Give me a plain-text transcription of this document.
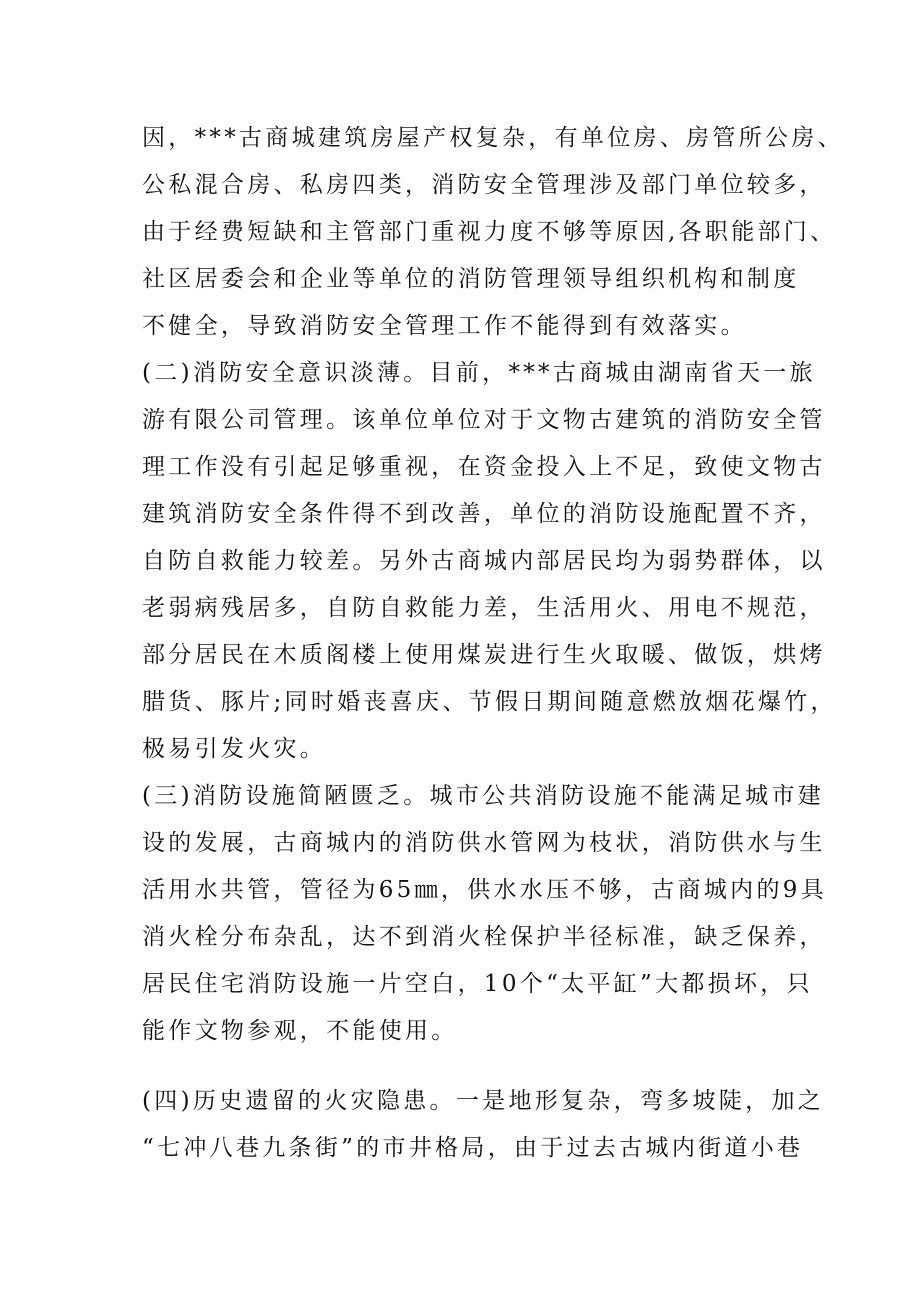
因，***古商城建筑房屋产权复杂，有单位房、房管所公房、
公私混合房、私房四类，消防安全管理涉及部门单位较多，
由于经费短缺和主管部门重视力度不够等原因,各职能部门、
社区居委会和企业等单位的消防管理领导组织机构和制度
不健全，导致消防安全管理工作不能得到有效落实。
(二)消防安全意识淡薄。目前，***古商城由湖南省天一旅
游有限公司管理。该单位单位对于文物古建筑的消防安全管
理工作没有引起足够重视，在资金投入上不足，致使文物古
建筑消防安全条件得不到改善，单位的消防设施配置不齐，
自防自救能力较差。另外古商城内部居民均为弱势群体，以
老弱病残居多，自防自救能力差，生活用火、用电不规范，
部分居民在木质阁楼上使用煤炭进行生火取暖、做饭，烘烤
腊货、豚片;同时婚丧喜庆、节假日期间随意燃放烟花爆竹，
极易引发火灾。
(三)消防设施简陋匮乏。城市公共消防设施不能满足城市建
设的发展，古商城内的消防供水管网为枝状，消防供水与生
活用水共管，管径为65㎜，供水水压不够，古商城内的9具
消火栓分布杂乱，达不到消火栓保护半径标准，缺乏保养，
居民住宅消防设施一片空白，10个“太平缸”大都损坏，只
能作文物参观，不能使用。
(四)历史遗留的火灾隐患。一是地形复杂，弯多坡陡，加之
“七冲八巷九条街”的市井格局，由于过去古城内街道小巷
